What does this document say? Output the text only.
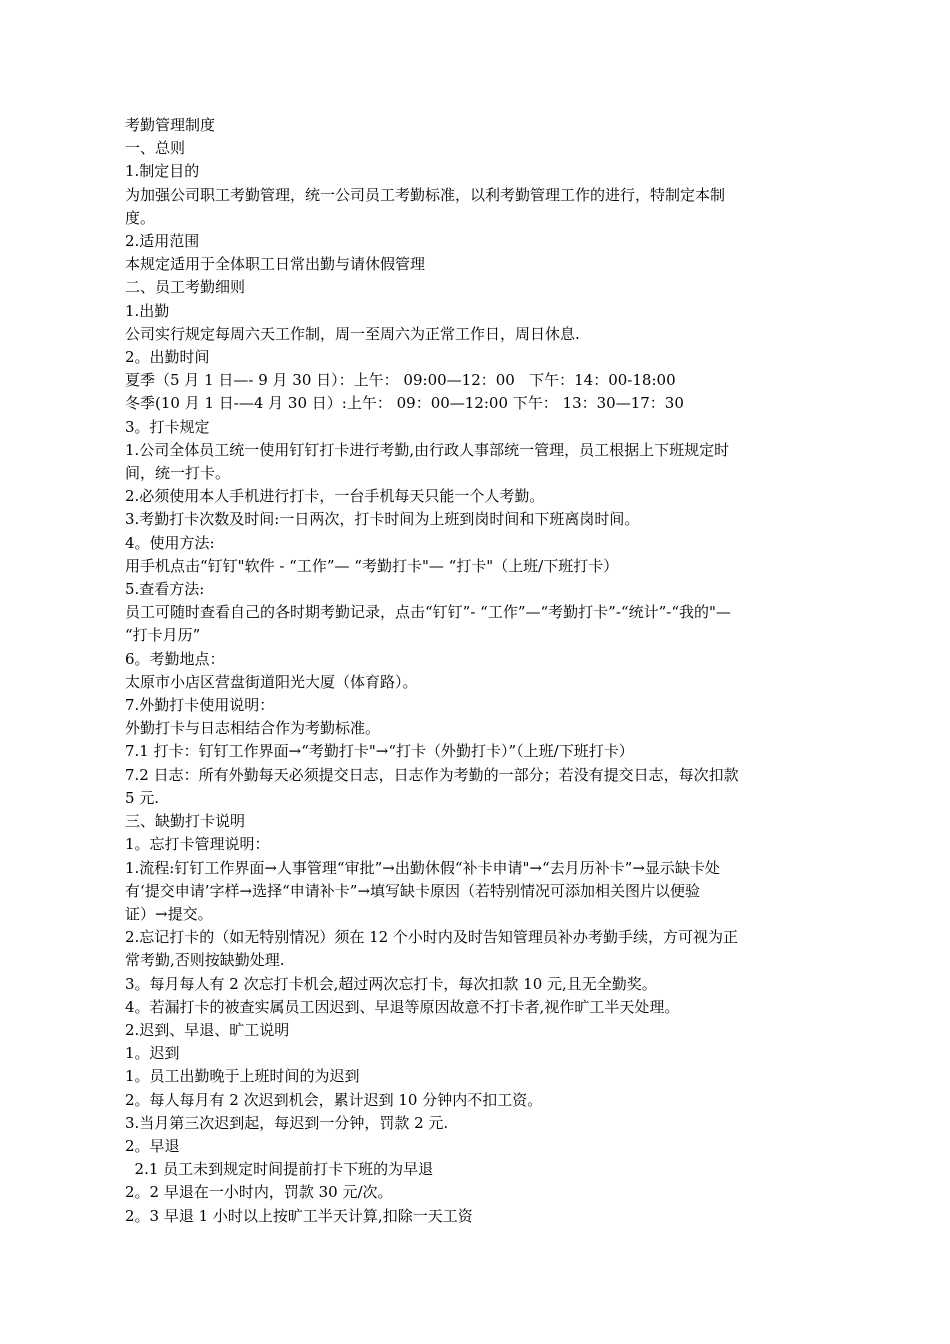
考勤管理制度

一、总则

1.制定目的

为加强公司职工考勤管理，统一公司员工考勤标准，以利考勤管理工作的进行，特制定本制

度。

2.适用范围

本规定适用于全体职工日常出勤与请休假管理

二、员工考勤细则

1.出勤

公司实行规定每周六天工作制，周一至周六为正常工作日，周日休息.

2。出勤时间

夏季（5 月 1 日—- 9 月 30 日）：上午： 09:00—12：00   下午：14：00-18:00

冬季(10 月 1 日-—4 月 30 日）:上午： 09：00—12:00 下午： 13：30—17：30

3。打卡规定

1.公司全体员工统一使用钉钉打卡进行考勤,由行政人事部统一管理，员工根据上下班规定时

间，统一打卡。

2.必须使用本人手机进行打卡，一台手机每天只能一个人考勤。

3.考勤打卡次数及时间:一日两次，打卡时间为上班到岗时间和下班离岗时间。

4。使用方法:

用手机点击“钉钉"软件 - “工作”— “考勤打卡"— “打卡"（上班/下班打卡）

5.查看方法:

员工可随时查看自己的各时期考勤记录，点击“钉钉”- “工作”—“考勤打卡”-“统计”-“我的"—

“打卡月历”

6。考勤地点：

太原市小店区营盘街道阳光大厦（体育路）。

7.外勤打卡使用说明：

外勤打卡与日志相结合作为考勤标准。

7.1 打卡：钉钉工作界面→“考勤打卡"→“打卡（外勤打卡）”（上班/下班打卡）

7.2 日志：所有外勤每天必须提交日志，日志作为考勤的一部分；若没有提交日志，每次扣款

5 元.

三、缺勤打卡说明

1。忘打卡管理说明：

1.流程:钉钉工作界面→人事管理“审批”→出勤休假“补卡申请"→“去月历补卡”→显示缺卡处

有‘提交申请’字样→选择“申请补卡”→填写缺卡原因（若特别情况可添加相关图片以便验

证）→提交。

2.忘记打卡的（如无特别情况）须在 12 个小时内及时告知管理员补办考勤手续，方可视为正

常考勤,否则按缺勤处理.

3。每月每人有 2 次忘打卡机会,超过两次忘打卡，每次扣款 10 元,且无全勤奖。

4。若漏打卡的被查实属员工因迟到、早退等原因故意不打卡者,视作旷工半天处理。

2.迟到、早退、旷工说明

1。迟到

1。员工出勤晚于上班时间的为迟到

2。每人每月有 2 次迟到机会，累计迟到 10 分钟内不扣工资。

3.当月第三次迟到起，每迟到一分钟，罚款 2 元.

2。早退

2.1 员工未到规定时间提前打卡下班的为早退

2。2 早退在一小时内，罚款 30 元/次。

2。3 早退 1 小时以上按旷工半天计算,扣除一天工资
